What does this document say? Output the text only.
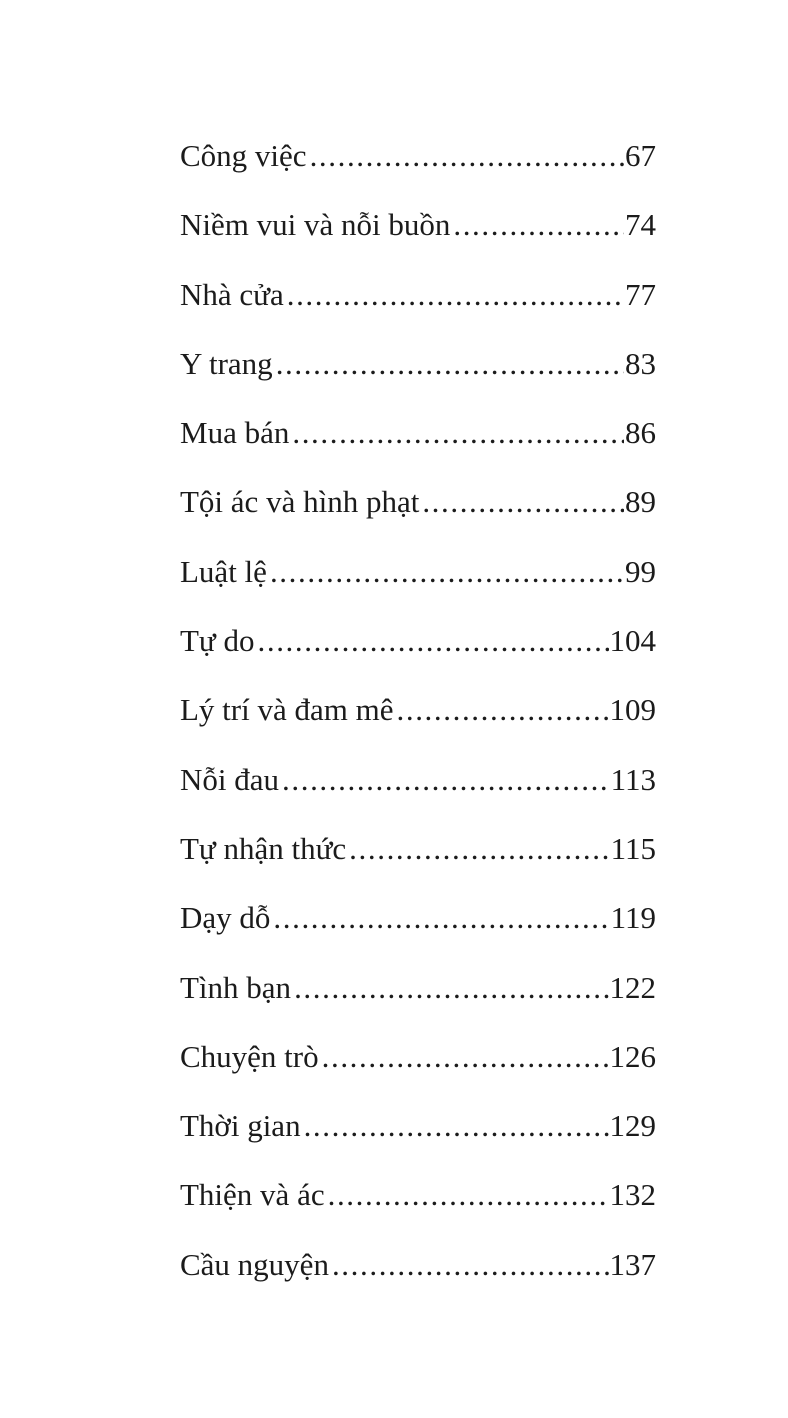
Công việc .....	67
Niềm vui và nỗi buồn .....	74
Nhà cửa .....	77
Y trang .....	83
Mua bán .....	86
Tội ác và hình phạt .....	89
Luật lệ .....	99
Tự do .....	104
Lý trí và đam mê .....	109
Nỗi đau .....	113
Tự nhận thức .....	115
Dạy dỗ .....	119
Tình bạn .....	122
Chuyện trò .....	126
Thời gian .....	129
Thiện và ác .....	132
Cầu nguyện .....	137
